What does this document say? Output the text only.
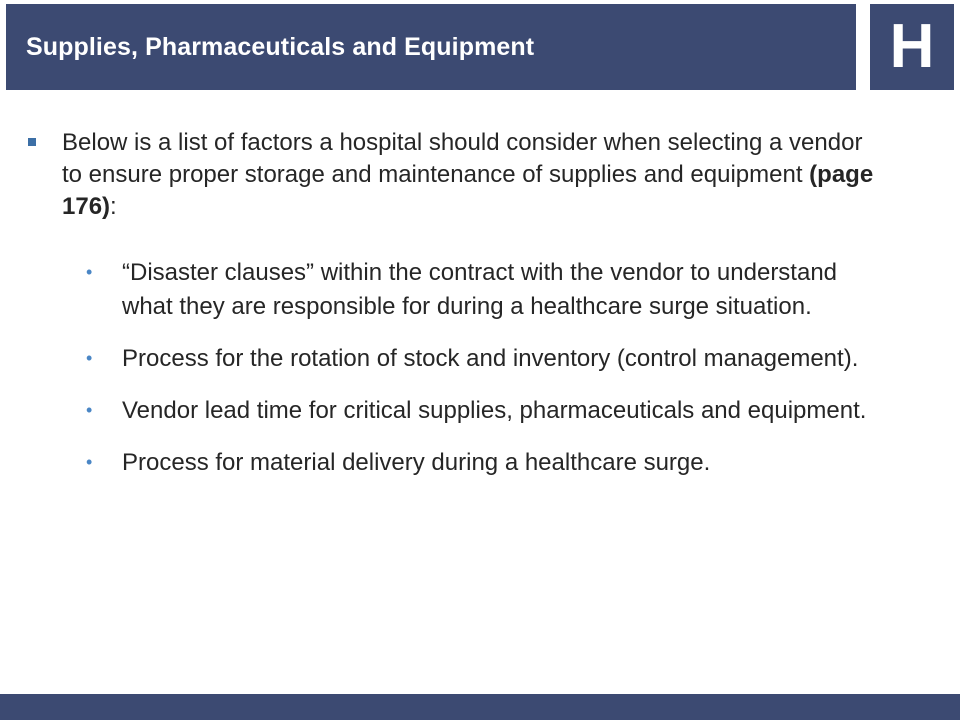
Supplies, Pharmaceuticals and Equipment	H
Below is a list of factors a hospital should consider when selecting a vendor to ensure proper storage and maintenance of supplies and equipment (page 176):
•	“Disaster clauses” within the contract with the vendor to understand what they are responsible for during a healthcare surge situation.
•	Process for the rotation of stock and inventory (control management).
•	Vendor lead time for critical supplies, pharmaceuticals and equipment.
•	Process for material delivery during a healthcare surge.
